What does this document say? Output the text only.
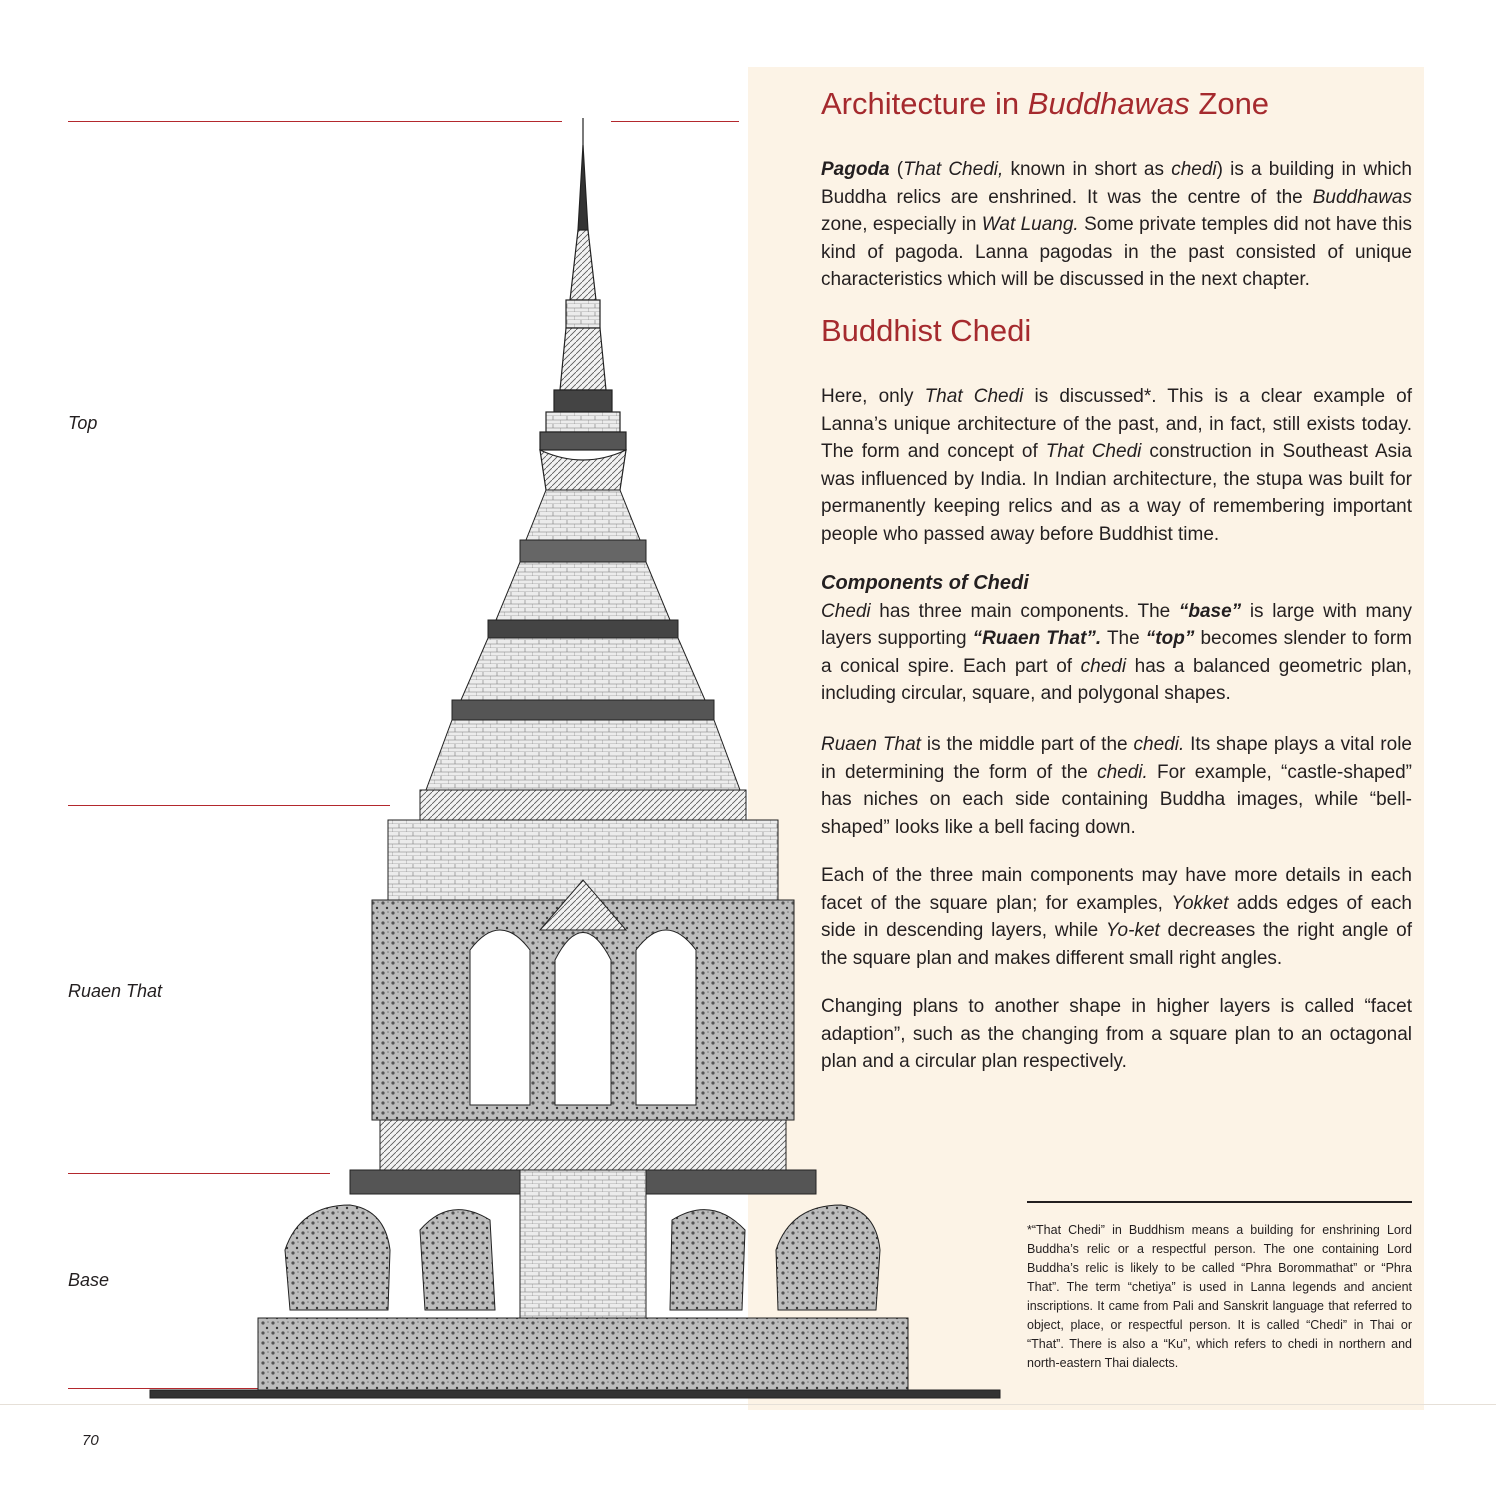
Top
Ruaen That
Base
Architecture in Buddhawas Zone

Pagoda (That Chedi, known in short as chedi) is a building in which Buddha relics are enshrined. It was the centre of the Buddhawas zone, especially in Wat Luang. Some private temples did not have this kind of pagoda. Lanna pagodas in the past consisted of unique characteristics which will be discussed in the next chapter.

Buddhist Chedi

Here, only That Chedi is discussed*. This is a clear example of Lanna’s unique architecture of the past, and, in fact, still exists today. The form and concept of That Chedi construction in Southeast Asia was influenced by India. In Indian architecture, the stupa was built for permanently keeping relics and as a way of remembering important people who passed away before Buddhist time.

Components of Chedi

Chedi has three main components. The “base” is large with many layers supporting “Ruaen That”. The “top” becomes slender to form a conical spire. Each part of chedi has a balanced geometric plan, including circular, square, and polygonal shapes.

Ruaen That is the middle part of the chedi. Its shape plays a vital role in determining the form of the chedi. For example, “castle-shaped” has niches on each side containing Buddha images, while “bell-shaped” looks like a bell facing down.

Each of the three main components may have more details in each facet of the square plan; for examples, Yokket adds edges of each side in descending layers, while Yo-ket decreases the right angle of the square plan and makes different small right angles.

Changing plans to another shape in higher layers is called “facet adaption”, such as the changing from a square plan to an octagonal plan and a circular plan respectively.
*“That Chedi” in Buddhism means a building for enshrining Lord Buddha’s relic or a respectful person. The one containing Lord Buddha’s relic is likely to be called “Phra Borommathat” or “Phra That”. The term “chetiya” is used in Lanna legends and ancient inscriptions. It came from Pali and Sanskrit language that referred to object, place, or respectful person. It is called “Chedi” in Thai or “That”. There is also a “Ku”, which refers to chedi in northern and north-eastern Thai dialects.
70
